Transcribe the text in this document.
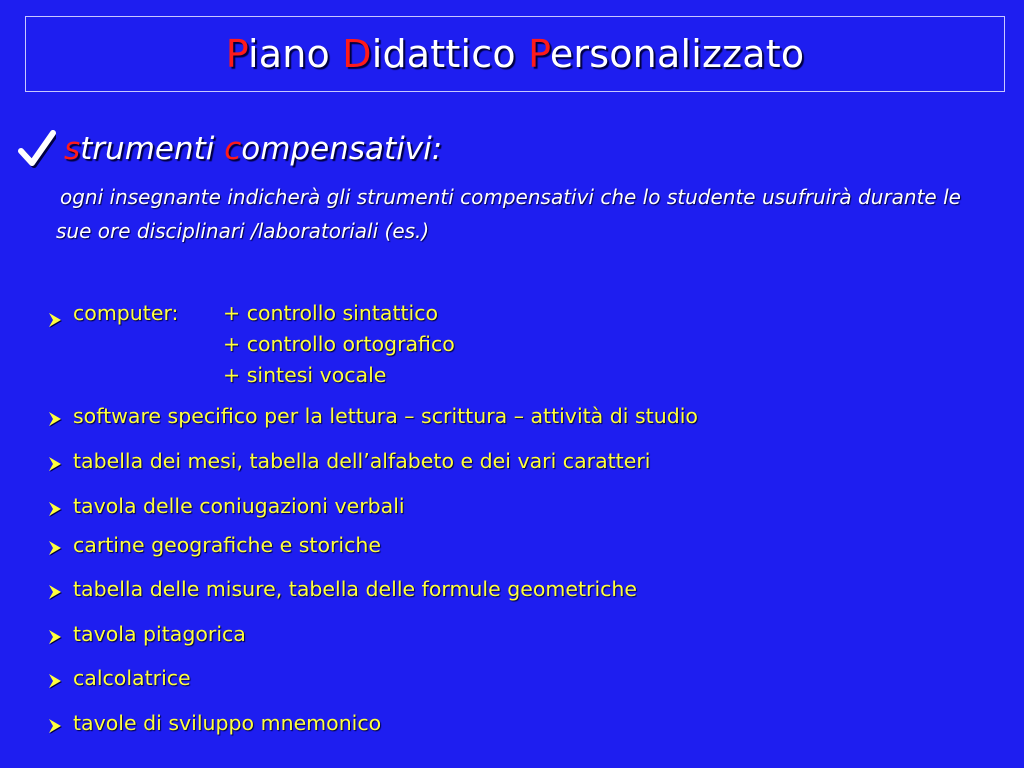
Piano Didattico Personalizzato
strumenti compensativi:
ogni insegnante indicherà gli strumenti compensativi che lo studente usufruirà durante le sue ore disciplinari /laboratoriali (es.)
computer:	+ controllo sintattico
+ controllo ortografico
+ sintesi vocale
software specifico per la lettura – scrittura – attività di studio
tabella dei mesi, tabella dell’alfabeto e dei vari caratteri
tavola delle coniugazioni verbali
cartine geografiche e storiche
tabella delle misure, tabella delle formule geometriche
tavola pitagorica
calcolatrice
tavole di sviluppo mnemonico
